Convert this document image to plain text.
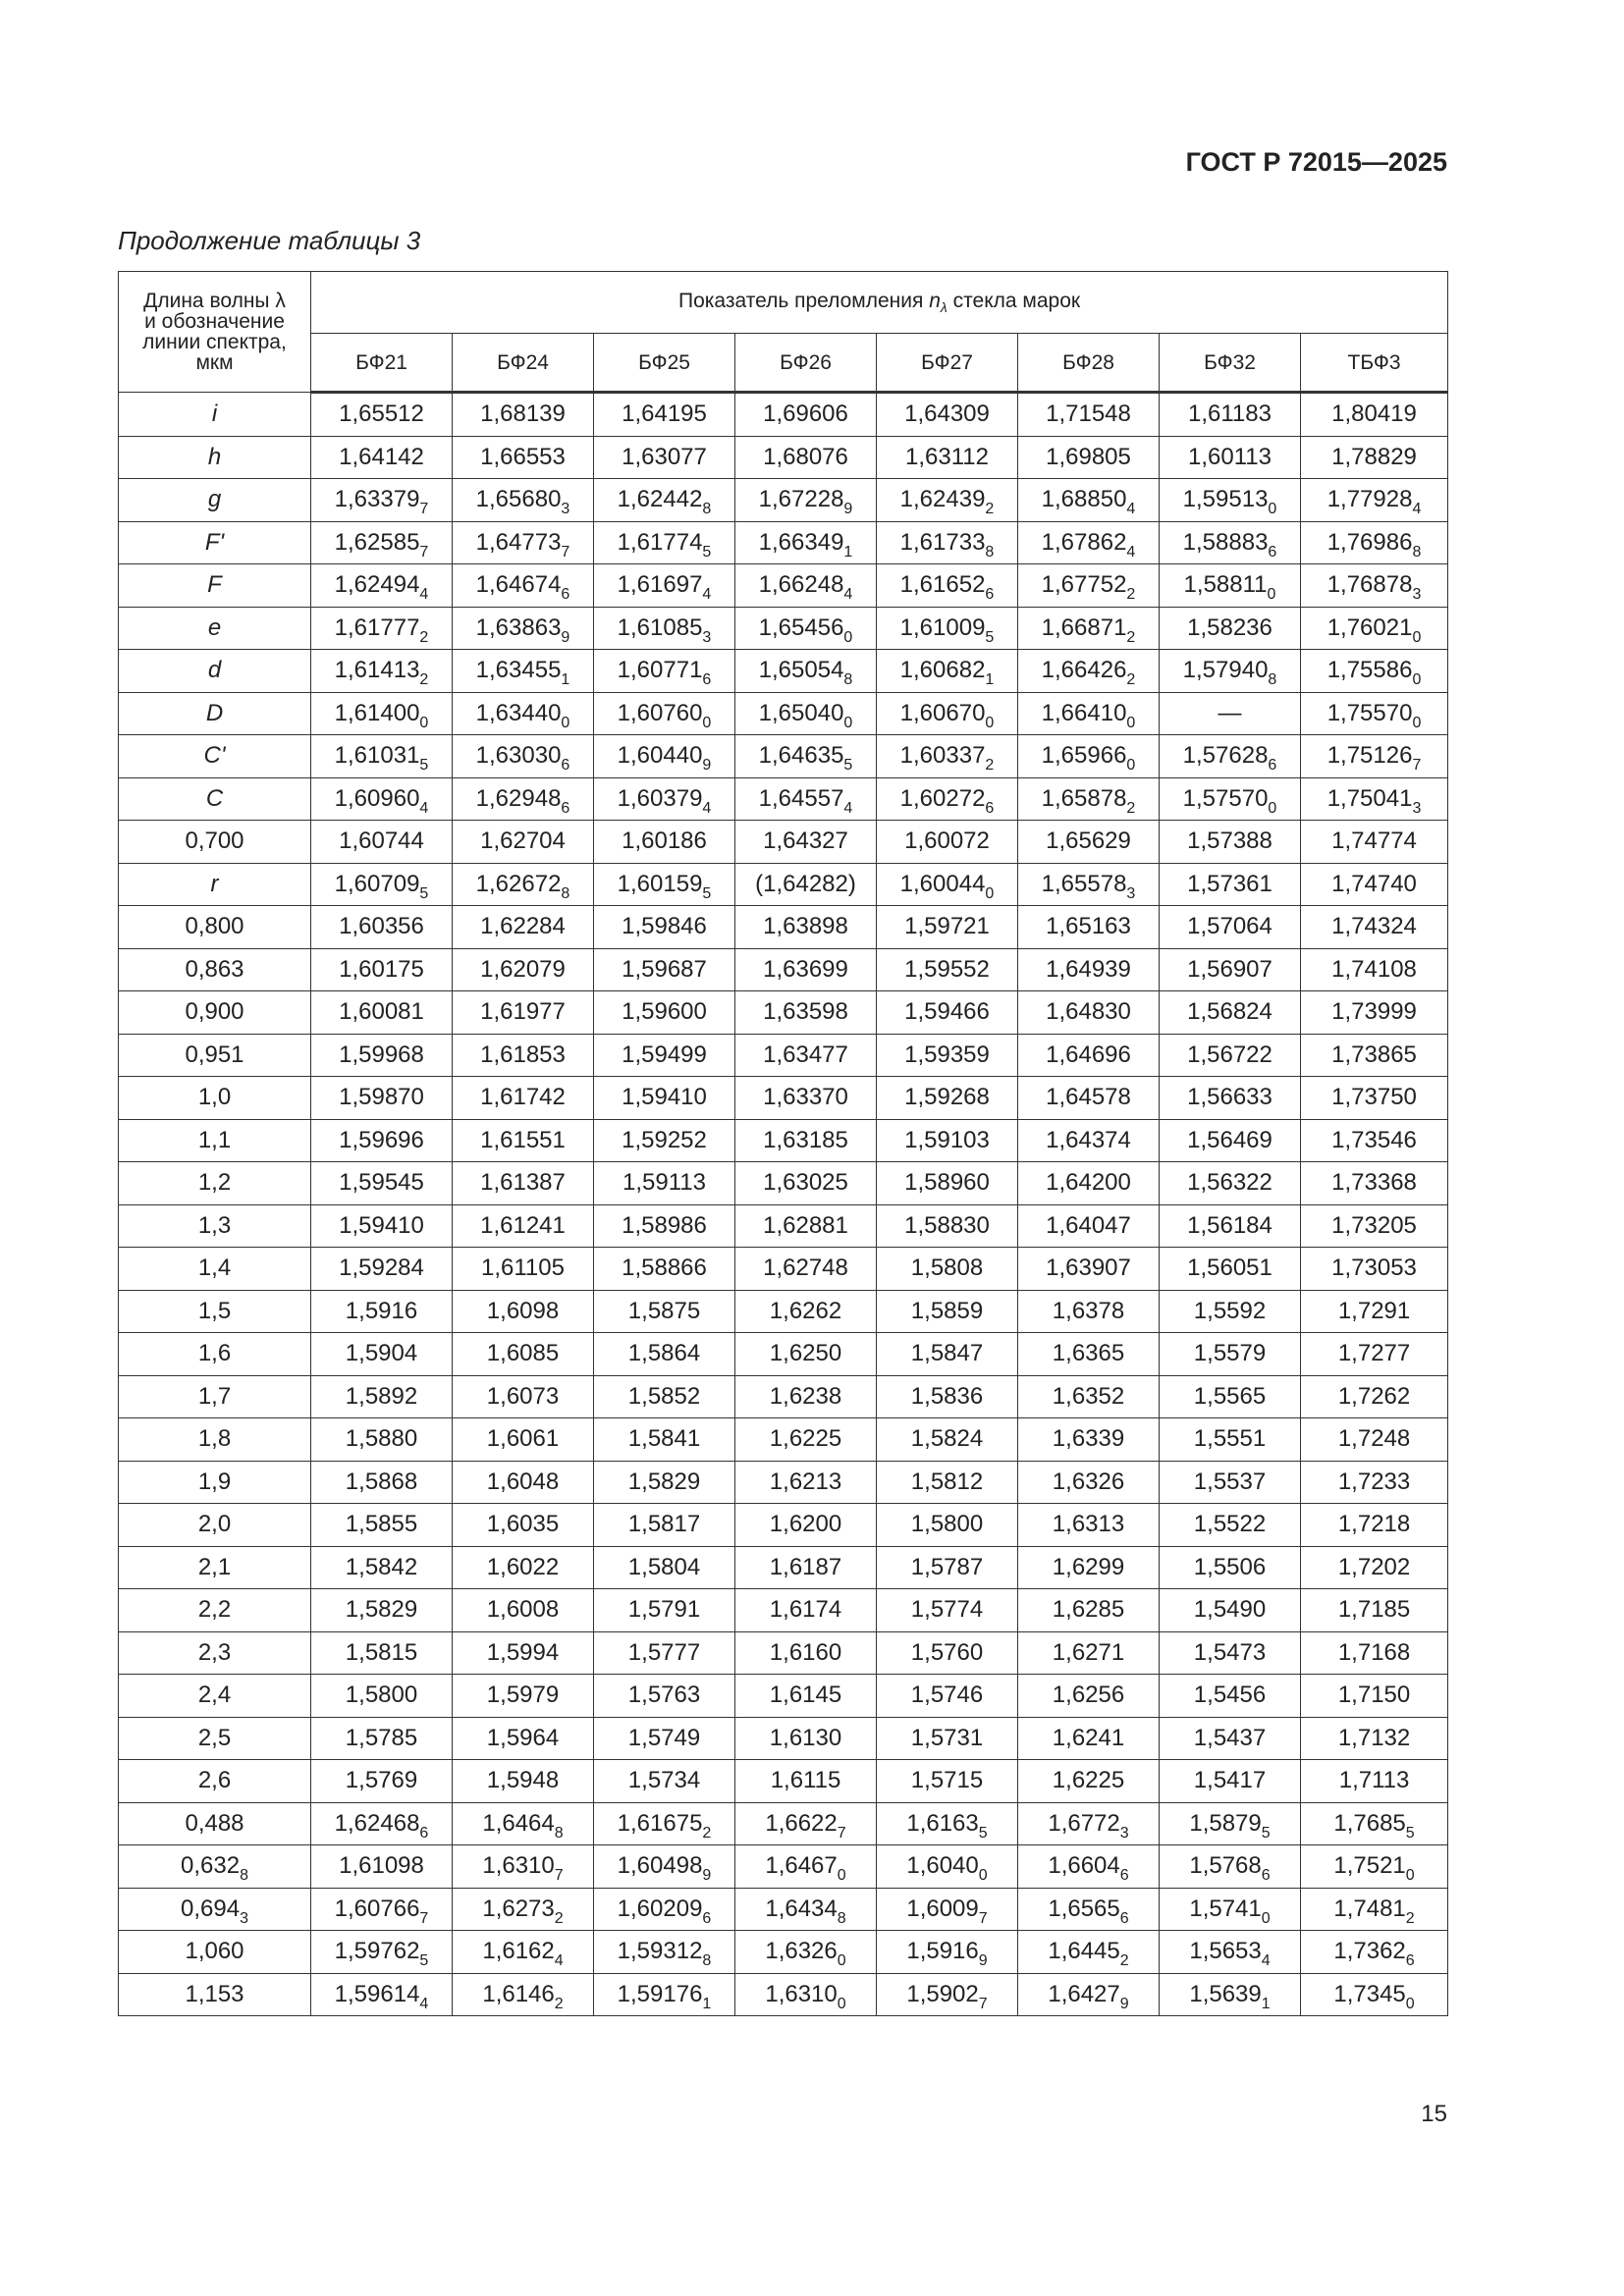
ГОСТ Р 72015—2025
Продолжение таблицы 3
Длина волны λ
и обозначение
линии спектра,
мкм	Показатель преломления $n_\lambda$ стекла марок							
	БФ21	БФ24	БФ25	БФ26	БФ27	БФ28	БФ32	ТБФ3
i	1,65512	1,68139	1,64195	1,69606	1,64309	1,71548	1,61183	1,80419
h	1,64142	1,66553	1,63077	1,68076	1,63112	1,69805	1,60113	1,78829
g	$1,63379_7$	$1,65680_3$	$1,62442_8$	$1,67228_9$	$1,62439_2$	$1,68850_4$	$1,59513_0$	$1,77928_4$
F'	$1,62585_7$	$1,64773_7$	$1,61774_5$	$1,66349_1$	$1,61733_8$	$1,67862_4$	$1,58883_6$	$1,76986_8$
F	$1,62494_4$	$1,64674_6$	$1,61697_4$	$1,66248_4$	$1,61652_6$	$1,67752_2$	$1,58811_0$	$1,76878_3$
e	$1,61777_2$	$1,63863_9$	$1,61085_3$	$1,65456_0$	$1,61009_5$	$1,66871_2$	1,58236	$1,76021_0$
d	$1,61413_2$	$1,63455_1$	$1,60771_6$	$1,65054_8$	$1,60682_1$	$1,66426_2$	$1,57940_8$	$1,75586_0$
D	$1,61400_0$	$1,63440_0$	$1,60760_0$	$1,65040_0$	$1,60670_0$	$1,66410_0$	—	$1,75570_0$
C'	$1,61031_5$	$1,63030_6$	$1,60440_9$	$1,64635_5$	$1,60337_2$	$1,65966_0$	$1,57628_6$	$1,75126_7$
C	$1,60960_4$	$1,62948_6$	$1,60379_4$	$1,64557_4$	$1,60272_6$	$1,65878_2$	$1,57570_0$	$1,75041_3$
0,700	1,60744	1,62704	1,60186	1,64327	1,60072	1,65629	1,57388	1,74774
r	$1,60709_5$	$1,62672_8$	$1,60159_5$	(1,64282)	$1,60044_0$	$1,65578_3$	1,57361	1,74740
0,800	1,60356	1,62284	1,59846	1,63898	1,59721	1,65163	1,57064	1,74324
0,863	1,60175	1,62079	1,59687	1,63699	1,59552	1,64939	1,56907	1,74108
0,900	1,60081	1,61977	1,59600	1,63598	1,59466	1,64830	1,56824	1,73999
0,951	1,59968	1,61853	1,59499	1,63477	1,59359	1,64696	1,56722	1,73865
1,0	1,59870	1,61742	1,59410	1,63370	1,59268	1,64578	1,56633	1,73750
1,1	1,59696	1,61551	1,59252	1,63185	1,59103	1,64374	1,56469	1,73546
1,2	1,59545	1,61387	1,59113	1,63025	1,58960	1,64200	1,56322	1,73368
1,3	1,59410	1,61241	1,58986	1,62881	1,58830	1,64047	1,56184	1,73205
1,4	1,59284	1,61105	1,58866	1,62748	1,5808	1,63907	1,56051	1,73053
1,5	1,5916	1,6098	1,5875	1,6262	1,5859	1,6378	1,5592	1,7291
1,6	1,5904	1,6085	1,5864	1,6250	1,5847	1,6365	1,5579	1,7277
1,7	1,5892	1,6073	1,5852	1,6238	1,5836	1,6352	1,5565	1,7262
1,8	1,5880	1,6061	1,5841	1,6225	1,5824	1,6339	1,5551	1,7248
1,9	1,5868	1,6048	1,5829	1,6213	1,5812	1,6326	1,5537	1,7233
2,0	1,5855	1,6035	1,5817	1,6200	1,5800	1,6313	1,5522	1,7218
2,1	1,5842	1,6022	1,5804	1,6187	1,5787	1,6299	1,5506	1,7202
2,2	1,5829	1,6008	1,5791	1,6174	1,5774	1,6285	1,5490	1,7185
2,3	1,5815	1,5994	1,5777	1,6160	1,5760	1,6271	1,5473	1,7168
2,4	1,5800	1,5979	1,5763	1,6145	1,5746	1,6256	1,5456	1,7150
2,5	1,5785	1,5964	1,5749	1,6130	1,5731	1,6241	1,5437	1,7132
2,6	1,5769	1,5948	1,5734	1,6115	1,5715	1,6225	1,5417	1,7113
0,488	$1,62468_6$	$1,6464_8$	$1,61675_2$	$1,6622_7$	$1,6163_5$	$1,6772_3$	$1,5879_5$	$1,7685_5$
$0,632_8$	1,61098	$1,6310_7$	$1,60498_9$	$1,6467_0$	$1,6040_0$	$1,6604_6$	$1,5768_6$	$1,7521_0$
$0,694_3$	$1,60766_7$	$1,6273_2$	$1,60209_6$	$1,6434_8$	$1,6009_7$	$1,6565_6$	$1,5741_0$	$1,7481_2$
1,060	$1,59762_5$	$1,6162_4$	$1,59312_8$	$1,6326_0$	$1,5916_9$	$1,6445_2$	$1,5653_4$	$1,7362_6$
1,153	$1,59614_4$	$1,6146_2$	$1,59176_1$	$1,6310_0$	$1,5902_7$	$1,6427_9$	$1,5639_1$	$1,7345_0$
15
